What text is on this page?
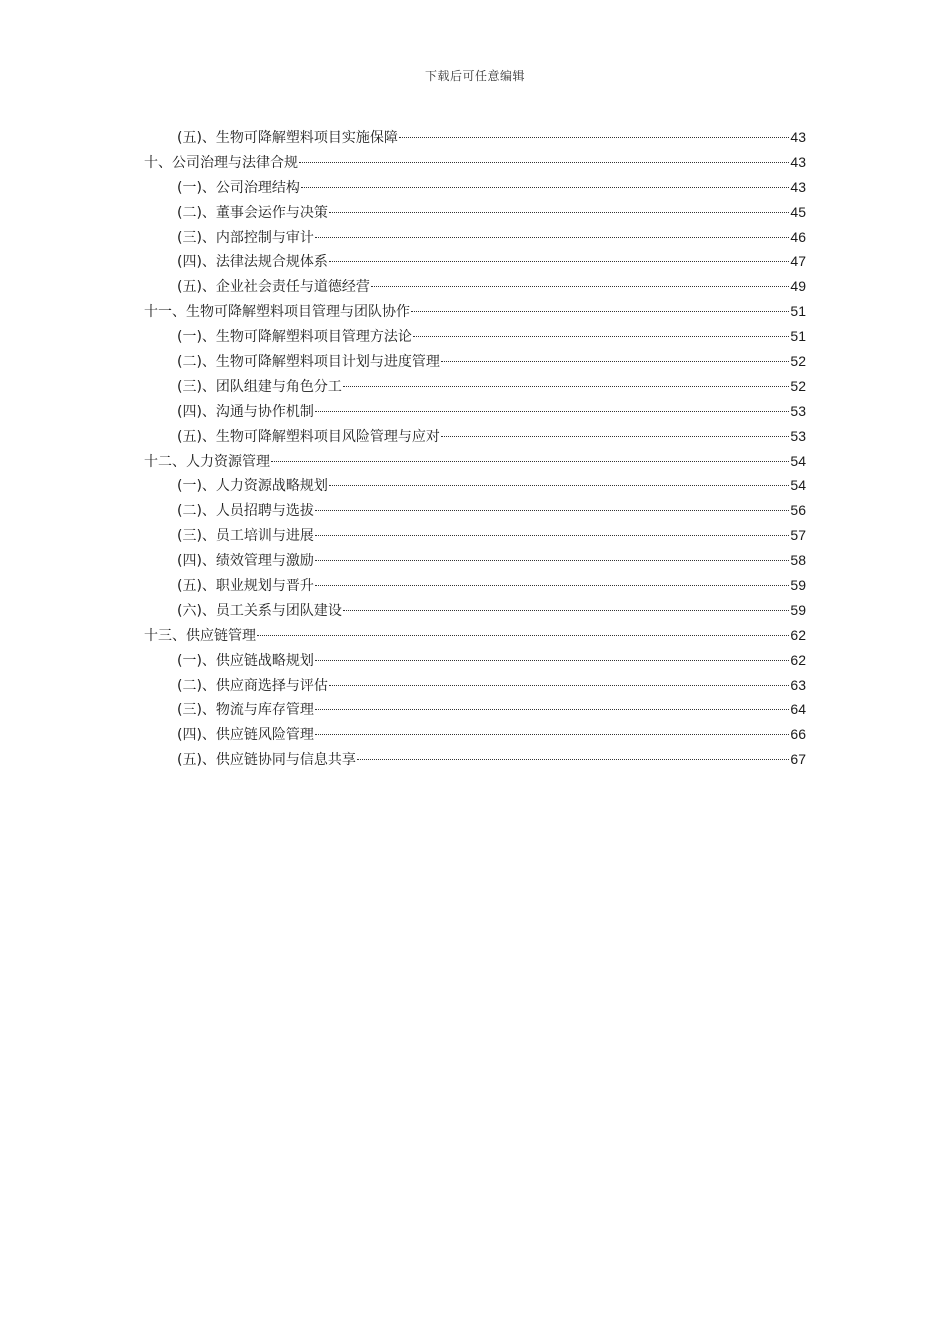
下载后可任意编辑
(五)、生物可降解塑料项目实施保障	43
十、公司治理与法律合规	43
(一)、公司治理结构	43
(二)、董事会运作与决策	45
(三)、内部控制与审计	46
(四)、法律法规合规体系	47
(五)、企业社会责任与道德经营	49
十一、生物可降解塑料项目管理与团队协作	51
(一)、生物可降解塑料项目管理方法论	51
(二)、生物可降解塑料项目计划与进度管理	52
(三)、团队组建与角色分工	52
(四)、沟通与协作机制	53
(五)、生物可降解塑料项目风险管理与应对	53
十二、人力资源管理	54
(一)、人力资源战略规划	54
(二)、人员招聘与选拔	56
(三)、员工培训与进展	57
(四)、绩效管理与激励	58
(五)、职业规划与晋升	59
(六)、员工关系与团队建设	59
十三、供应链管理	62
(一)、供应链战略规划	62
(二)、供应商选择与评估	63
(三)、物流与库存管理	64
(四)、供应链风险管理	66
(五)、供应链协同与信息共享	67
